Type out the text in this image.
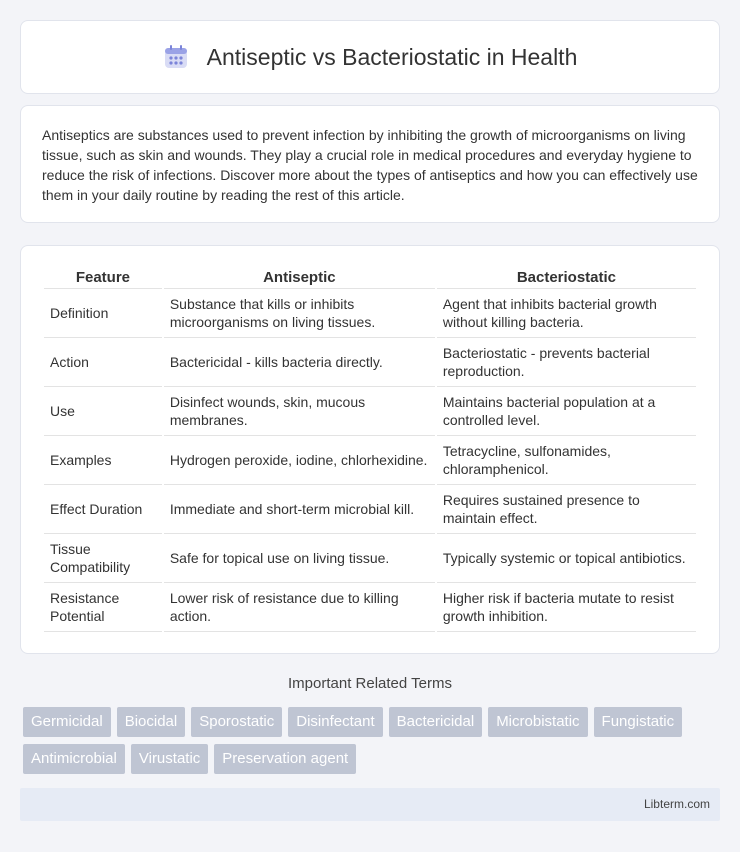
Antiseptic vs Bacteriostatic in Health

Antiseptics are substances used to prevent infection by inhibiting the growth of microorganisms on living tissue, such as skin and wounds. They play a crucial role in medical procedures and everyday hygiene to reduce the risk of infections. Discover more about the types of antiseptics and how you can effectively use them in your daily routine by reading the rest of this article.

Feature	Antiseptic	Bacteriostatic
Definition	Substance that kills or inhibits microorganisms on living tissues.	Agent that inhibits bacterial growth without killing bacteria.
Action	Bactericidal - kills bacteria directly.	Bacteriostatic - prevents bacterial reproduction.
Use	Disinfect wounds, skin, mucous membranes.	Maintains bacterial population at a controlled level.
Examples	Hydrogen peroxide, iodine, chlorhexidine.	Tetracycline, sulfonamides, chloramphenicol.
Effect Duration	Immediate and short-term microbial kill.	Requires sustained presence to maintain effect.
Tissue Compatibility	Safe for topical use on living tissue.	Typically systemic or topical antibiotics.
Resistance Potential	Lower risk of resistance due to killing action.	Higher risk if bacteria mutate to resist growth inhibition.
Important Related Terms
Germicidal	Biocidal	Sporostatic	Disinfectant	Bactericidal	Microbistatic	Fungistatic
Antimicrobial	Virustatic	Preservation agent
Libterm.com
